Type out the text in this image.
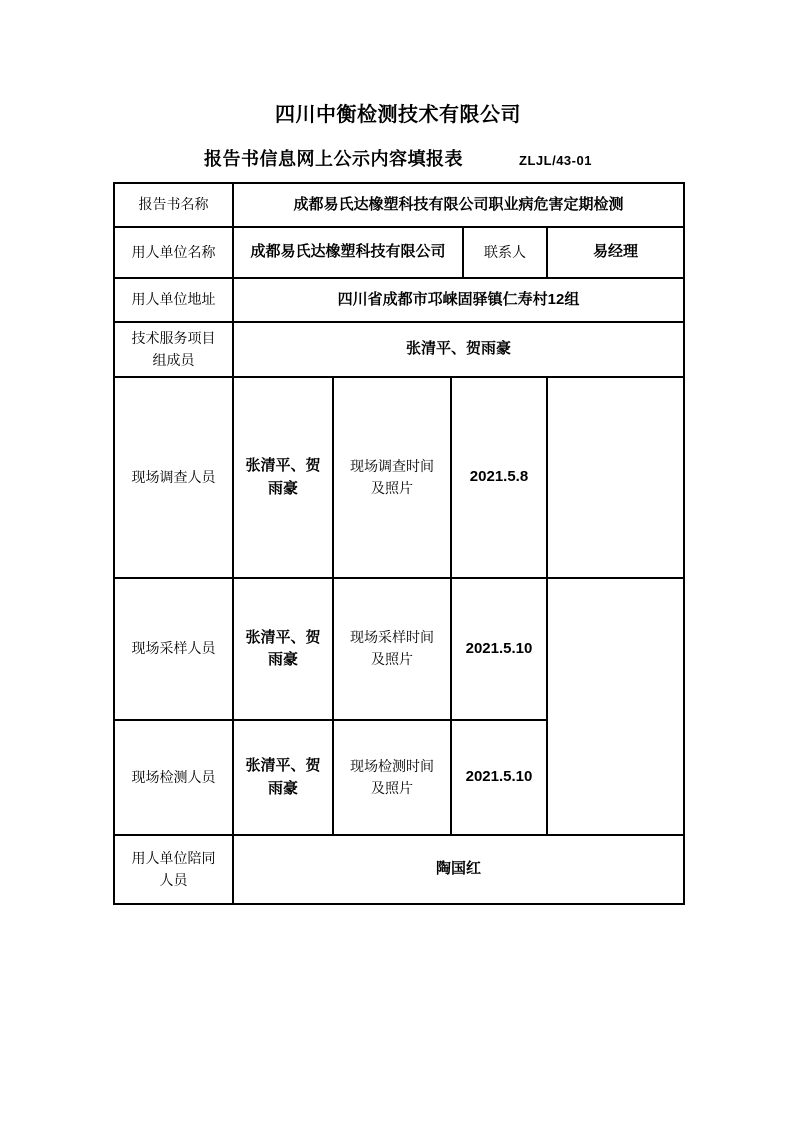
四川中衡检测技术有限公司
报告书信息网上公示内容填报表	ZLJL/43-01
报告书名称	成都易氏达橡塑科技有限公司职业病危害定期检测				
用人单位名称	成都易氏达橡塑科技有限公司			联系人	易经理
用人单位地址	四川省成都市邛崃固驿镇仁寿村12组				
技术服务项目组成员	张清平、贺雨豪				
现场调查人员	张清平、贺雨豪	现场调查时间及照片	2021.5.8		
现场采样人员	张清平、贺雨豪	现场采样时间及照片	2021.5.10		
现场检测人员	张清平、贺雨豪	现场检测时间及照片	2021.5.10		
用人单位陪同人员	陶国红				
